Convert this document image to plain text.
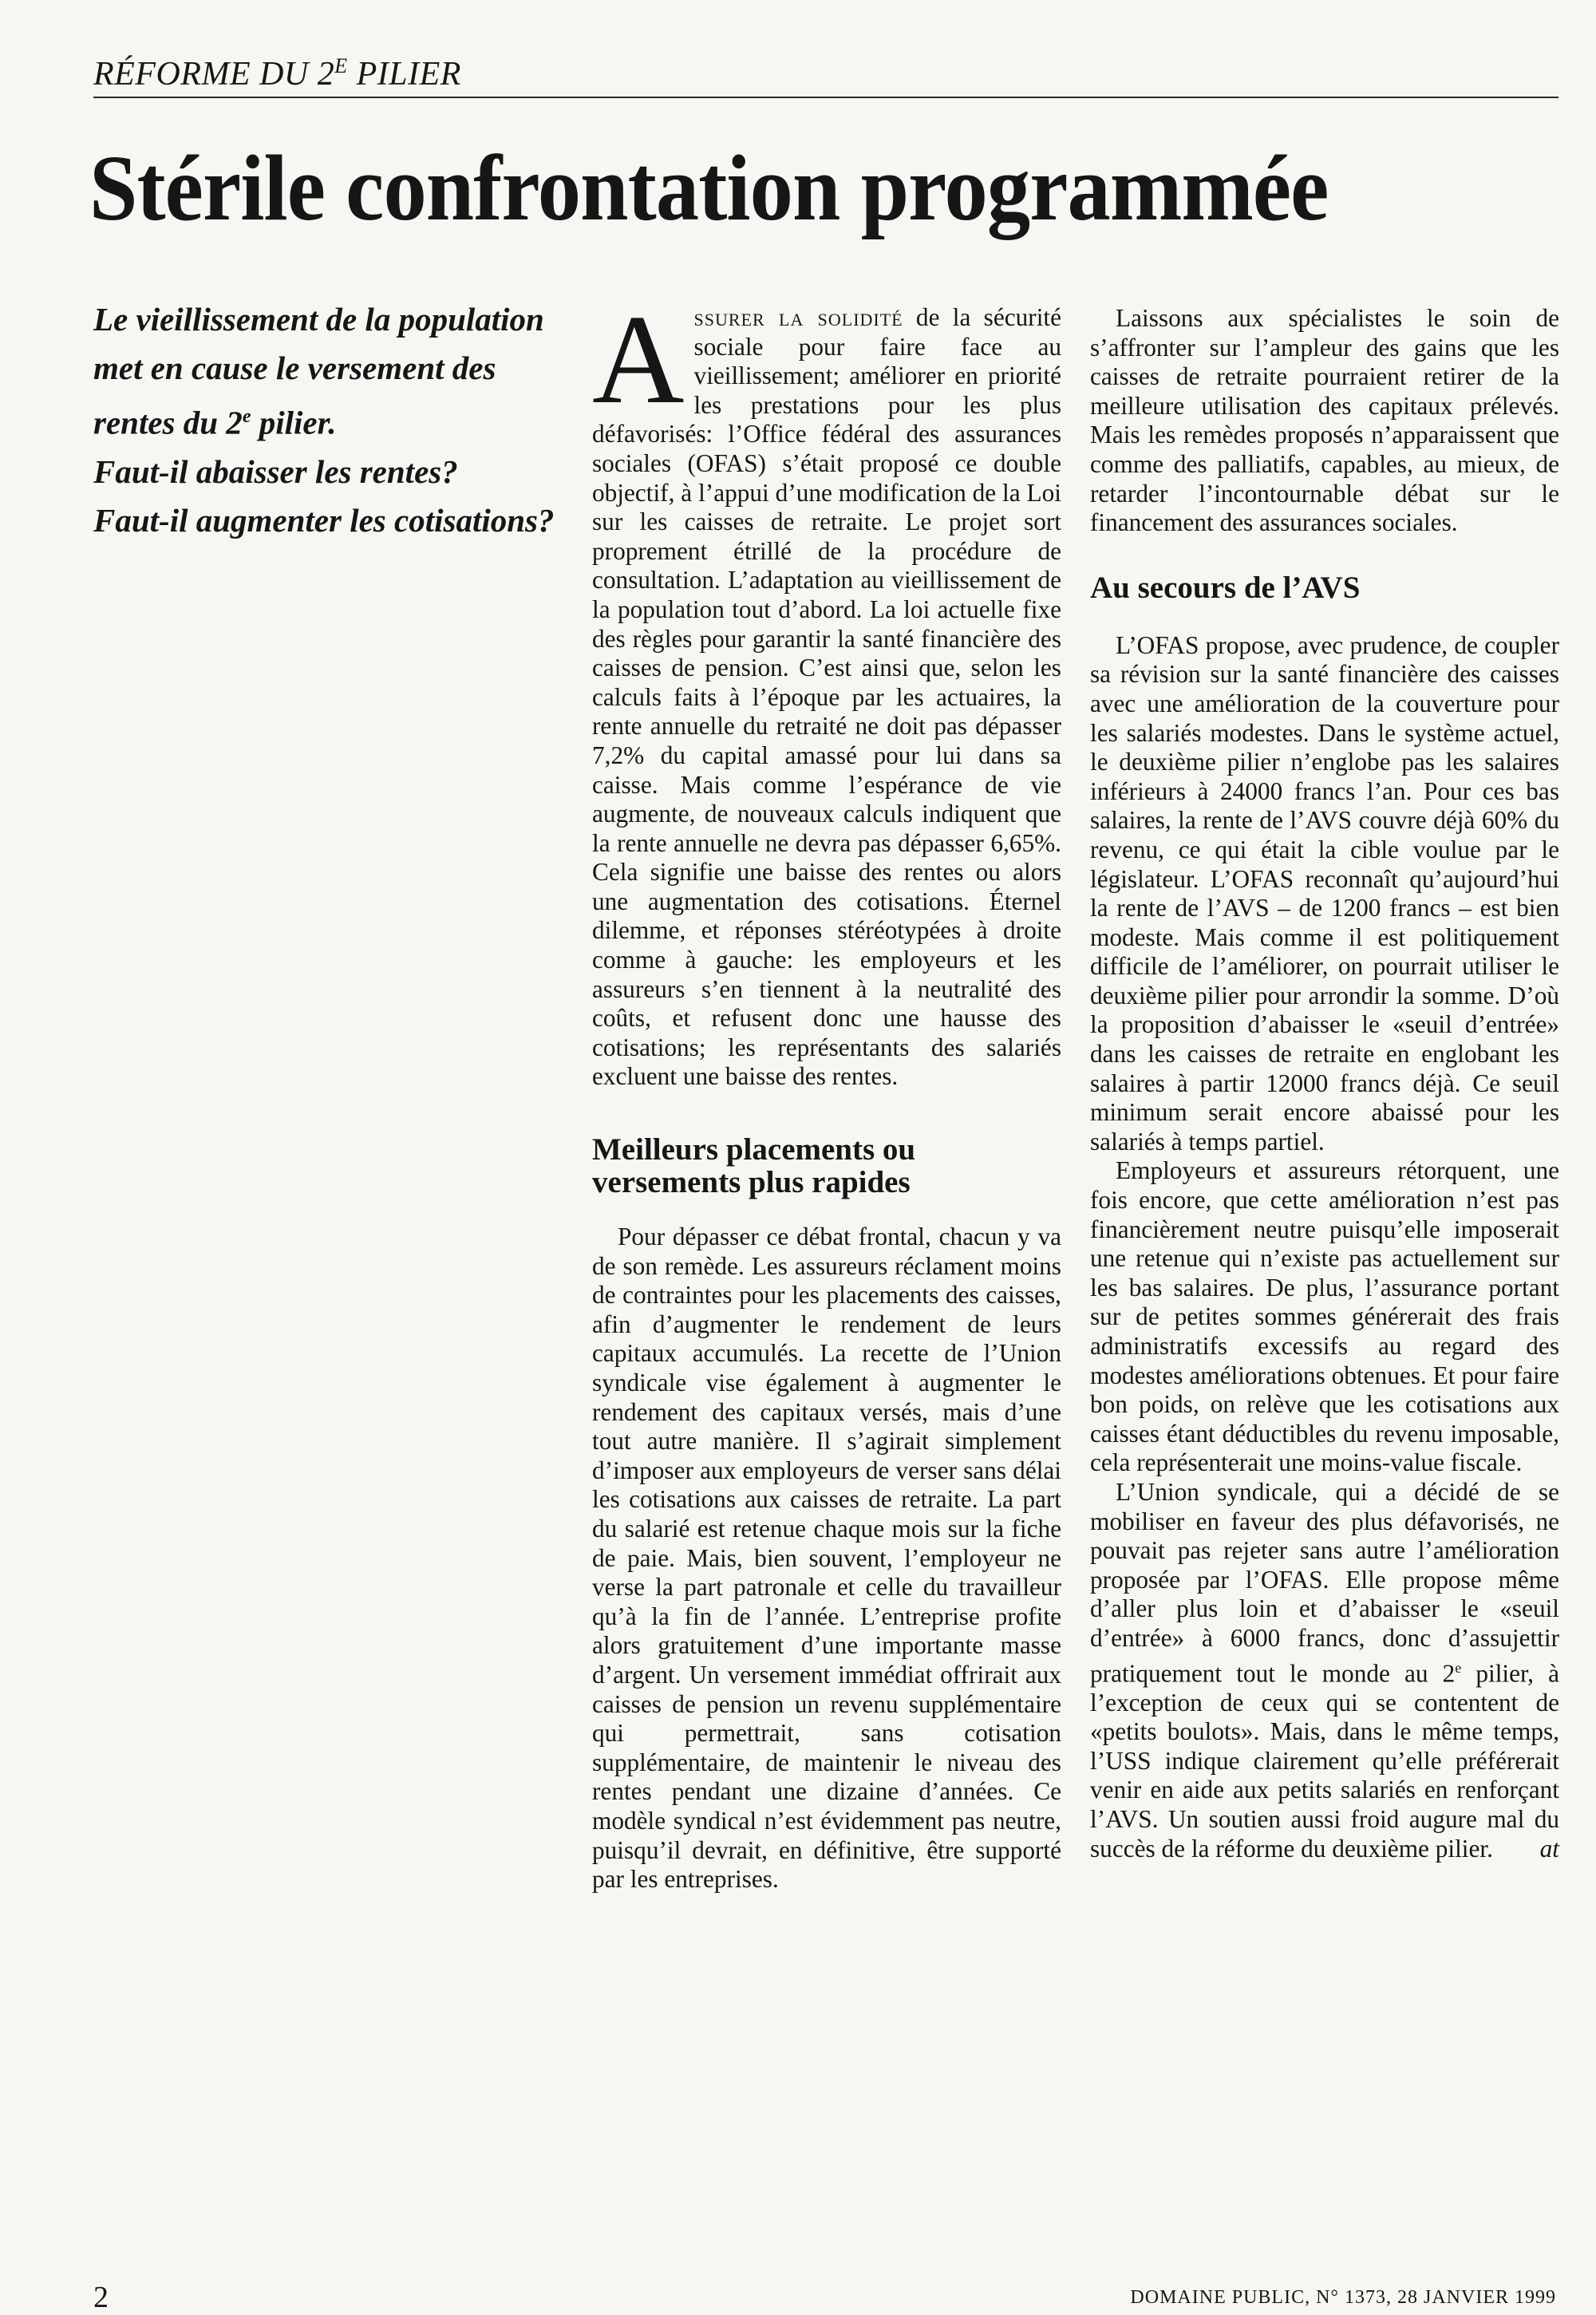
RÉFORME DU $2^E$ PILIER
Stérile confrontation programmée

Le vieillissement de la population met en cause le versement des rentes du 2e pilier.

Faut-il abaisser les rentes?

Faut-il augmenter les cotisations?

Assurer la solidité de la sécurité sociale pour faire face au vieillissement; améliorer en priorité les prestations pour les plus défavorisés: l’Office fédéral des assurances sociales (OFAS) s’était proposé ce double objectif, à l’appui d’une modification de la Loi sur les caisses de retraite. Le projet sort proprement étrillé de la procédure de consultation. L’adaptation au vieillissement de la population tout d’abord. La loi actuelle fixe des règles pour garantir la santé financière des caisses de pension. C’est ainsi que, selon les calculs faits à l’époque par les actuaires, la rente annuelle du retraité ne doit pas dépasser 7,2% du capital amassé pour lui dans sa caisse. Mais comme l’espérance de vie augmente, de nouveaux calculs indiquent que la rente annuelle ne devra pas dépasser 6,65%. Cela signifie une baisse des rentes ou alors une augmentation des cotisations. Éternel dilemme, et réponses stéréotypées à droite comme à gauche: les employeurs et les assureurs s’en tiennent à la neutralité des coûts, et refusent donc une hausse des cotisations; les représentants des salariés excluent une baisse des rentes.

Meilleurs placements ou versements plus rapides

Pour dépasser ce débat frontal, chacun y va de son remède. Les assureurs réclament moins de contraintes pour les placements des caisses, afin d’augmenter le rendement de leurs capitaux accumulés. La recette de l’Union syndicale vise également à augmenter le rendement des capitaux versés, mais d’une tout autre manière. Il s’agirait simplement d’imposer aux employeurs de verser sans délai les cotisations aux caisses de retraite. La part du salarié est retenue chaque mois sur la fiche de paie. Mais, bien souvent, l’employeur ne verse la part patronale et celle du travailleur qu’à la fin de l’année. L’entreprise profite alors gratuitement d’une importante masse d’argent. Un versement immédiat offrirait aux caisses de pension un revenu supplémentaire qui permettrait, sans cotisation supplémentaire, de maintenir le niveau des rentes pendant une dizaine d’années. Ce modèle syndical n’est évidemment pas neutre, puisqu’il devrait, en définitive, être supporté par les entreprises.

Laissons aux spécialistes le soin de s’affronter sur l’ampleur des gains que les caisses de retraite pourraient retirer de la meilleure utilisation des capitaux prélevés. Mais les remèdes proposés n’apparaissent que comme des palliatifs, capables, au mieux, de retarder l’incontournable débat sur le financement des assurances sociales.

Au secours de l’AVS

L’OFAS propose, avec prudence, de coupler sa révision sur la santé financière des caisses avec une amélioration de la couverture pour les salariés modestes. Dans le système actuel, le deuxième pilier n’englobe pas les salaires inférieurs à 24000 francs l’an. Pour ces bas salaires, la rente de l’AVS couvre déjà 60% du revenu, ce qui était la cible voulue par le législateur. L’OFAS reconnaît qu’aujourd’hui la rente de l’AVS – de 1200 francs – est bien modeste. Mais comme il est politiquement difficile de l’améliorer, on pourrait utiliser le deuxième pilier pour arrondir la somme. D’où la proposition d’abaisser le «seuil d’entrée» dans les caisses de retraite en englobant les salaires à partir 12000 francs déjà. Ce seuil minimum serait encore abaissé pour les salariés à temps partiel.

Employeurs et assureurs rétorquent, une fois encore, que cette amélioration n’est pas financièrement neutre puisqu’elle imposerait une retenue qui n’existe pas actuellement sur les bas salaires. De plus, l’assurance portant sur de petites sommes générerait des frais administratifs excessifs au regard des modestes améliorations obtenues. Et pour faire bon poids, on relève que les cotisations aux caisses étant déductibles du revenu imposable, cela représenterait une moins-value fiscale.

L’Union syndicale, qui a décidé de se mobiliser en faveur des plus défavorisés, ne pouvait pas rejeter sans autre l’amélioration proposée par l’OFAS. Elle propose même d’aller plus loin et d’abaisser le «seuil d’entrée» à 6000 francs, donc d’assujettir pratiquement tout le monde au 2e pilier, à l’exception de ceux qui se contentent de «petits boulots». Mais, dans le même temps, l’USS indique clairement qu’elle préférerait venir en aide aux petits salariés en renforçant l’AVS. Un soutien aussi froid augure mal du succès de la réforme du deuxième pilier.	at

2	DOMAINE PUBLIC, N° 1373, 28 JANVIER 1999
